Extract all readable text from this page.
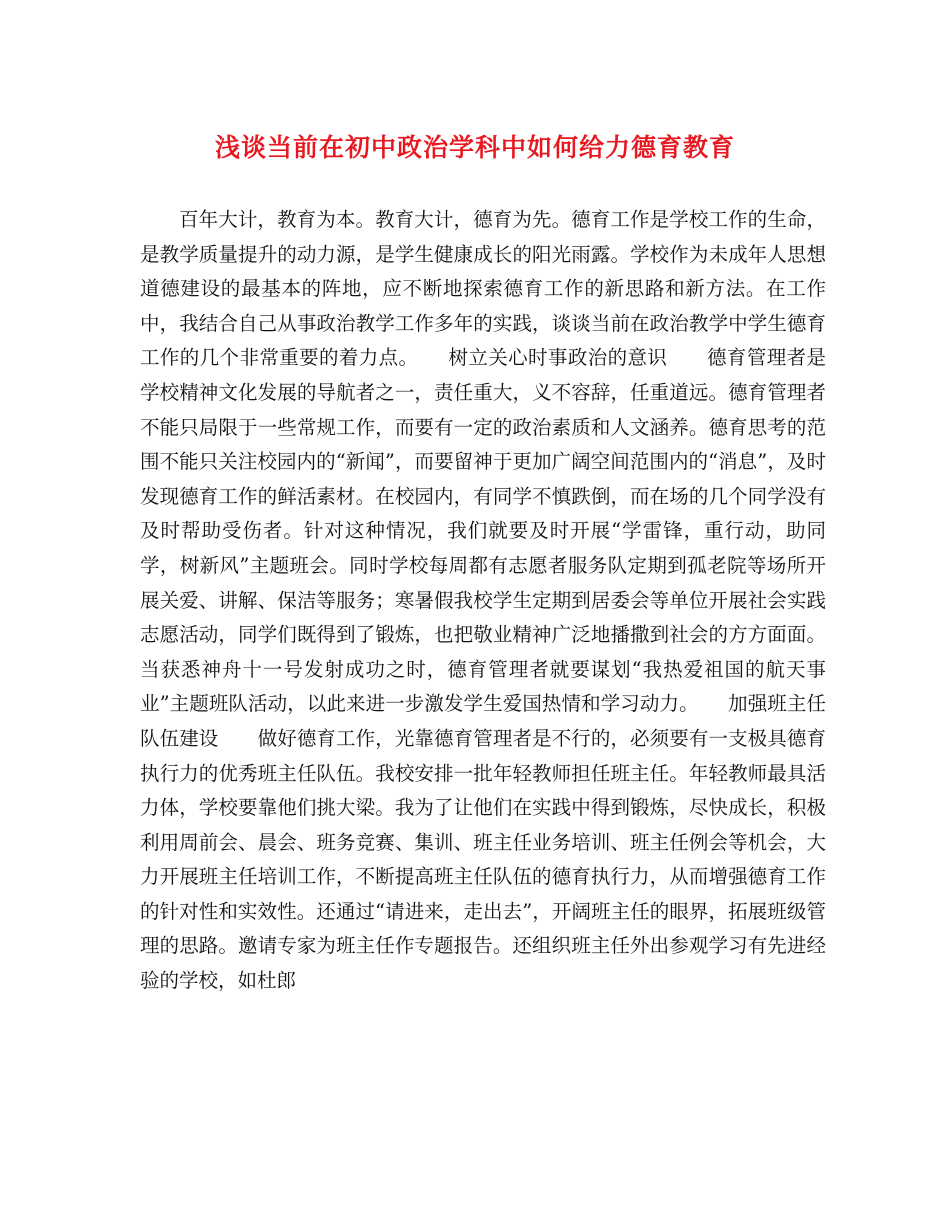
浅谈当前在初中政治学科中如何给力德育教育

百年大计，教育为本。教育大计，德育为先。德育工作是学校工作的生命，是教学质量提升的动力源，是学生健康成长的阳光雨露。学校作为未成年人思想道德建设的最基本的阵地，应不断地探索德育工作的新思路和新方法。在工作中，我结合自己从事政治教学工作多年的实践，谈谈当前在政治教学中学生德育工作的几个非常重要的着力点。　　树立关心时事政治的意识　　德育管理者是学校精神文化发展的导航者之一，责任重大，义不容辞，任重道远。德育管理者不能只局限于一些常规工作，而要有一定的政治素质和人文涵养。德育思考的范围不能只关注校园内的“新闻”，而要留神于更加广阔空间范围内的“消息”，及时发现德育工作的鲜活素材。在校园内，有同学不慎跌倒，而在场的几个同学没有及时帮助受伤者。针对这种情况，我们就要及时开展“学雷锋，重行动，助同学，树新风”主题班会。同时学校每周都有志愿者服务队定期到孤老院等场所开展关爱、讲解、保洁等服务；寒暑假我校学生定期到居委会等单位开展社会实践志愿活动，同学们既得到了锻炼，也把敬业精神广泛地播撒到社会的方方面面。当获悉神舟十一号发射成功之时，德育管理者就要谋划“我热爱祖国的航天事业”主题班队活动，以此来进一步激发学生爱国热情和学习动力。　　加强班主任队伍建设　　做好德育工作，光靠德育管理者是不行的，必须要有一支极具德育执行力的优秀班主任队伍。我校安排一批年轻教师担任班主任。年轻教师最具活力体，学校要靠他们挑大梁。我为了让他们在实践中得到锻炼，尽快成长，积极利用周前会、晨会、班务竞赛、集训、班主任业务培训、班主任例会等机会，大力开展班主任培训工作，不断提高班主任队伍的德育执行力，从而增强德育工作的针对性和实效性。还通过“请进来，走出去”，开阔班主任的眼界，拓展班级管理的思路。邀请专家为班主任作专题报告。还组织班主任外出参观学习有先进经验的学校，如杜郎
